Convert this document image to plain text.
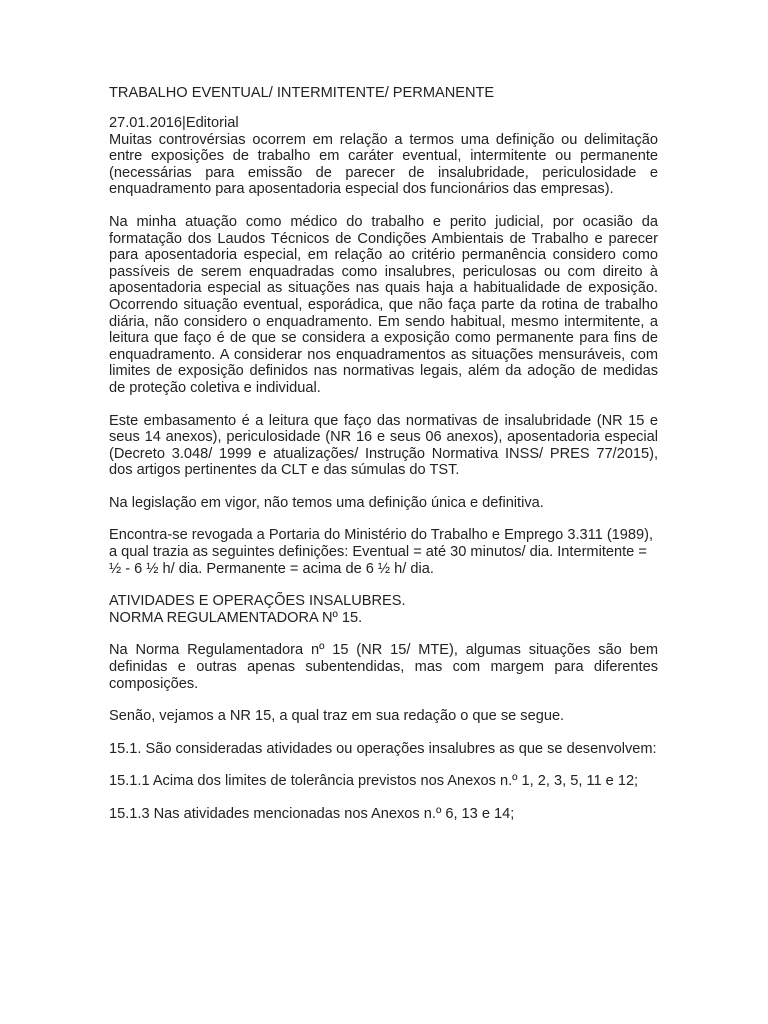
TRABALHO EVENTUAL/ INTERMITENTE/ PERMANENTE

27.01.2016|Editorial

Muitas controvérsias ocorrem em relação a termos uma definição ou delimitação entre exposições de trabalho em caráter eventual, intermitente ou permanente (necessárias para emissão de parecer de insalubridade, periculosidade e enquadramento para aposentadoria especial dos funcionários das empresas).

Na minha atuação como médico do trabalho e perito judicial, por ocasião da formatação dos Laudos Técnicos de Condições Ambientais de Trabalho e parecer para aposentadoria especial, em relação ao critério permanência considero como passíveis de serem enquadradas como insalubres, periculosas ou com direito à aposentadoria especial as situações nas quais haja a habitualidade de exposição. Ocorrendo situação eventual, esporádica, que não faça parte da rotina de trabalho diária, não considero o enquadramento. Em sendo habitual, mesmo intermitente, a leitura que faço é de que se considera a exposição como permanente para fins de enquadramento. A considerar nos enquadramentos as situações mensuráveis, com limites de exposição definidos nas normativas legais, além da adoção de medidas de proteção coletiva e individual.

Este embasamento é a leitura que faço das normativas de insalubridade (NR 15 e seus 14 anexos), periculosidade (NR 16 e seus 06 anexos), aposentadoria especial (Decreto 3.048/ 1999 e atualizações/ Instrução Normativa INSS/ PRES 77/2015), dos artigos pertinentes da CLT e das súmulas do TST.

Na legislação em vigor, não temos uma definição única e definitiva.

Encontra-se revogada a Portaria do Ministério do Trabalho e Emprego 3.311 (1989), a qual trazia as seguintes definições: Eventual = até 30 minutos/ dia. Intermitente = ½ - 6 ½ h/ dia. Permanente = acima de 6 ½ h/ dia.

ATIVIDADES E OPERAÇÕES INSALUBRES.
NORMA REGULAMENTADORA Nº 15.

Na Norma Regulamentadora nº 15 (NR 15/ MTE), algumas situações são bem definidas e outras apenas subentendidas, mas com margem para diferentes composições.

Senão, vejamos a NR 15, a qual traz em sua redação o que se segue.

15.1. São consideradas atividades ou operações insalubres as que se desenvolvem:

15.1.1 Acima dos limites de tolerância previstos nos Anexos n.º 1, 2, 3, 5, 11 e 12;

15.1.3 Nas atividades mencionadas nos Anexos n.º 6, 13 e 14;
